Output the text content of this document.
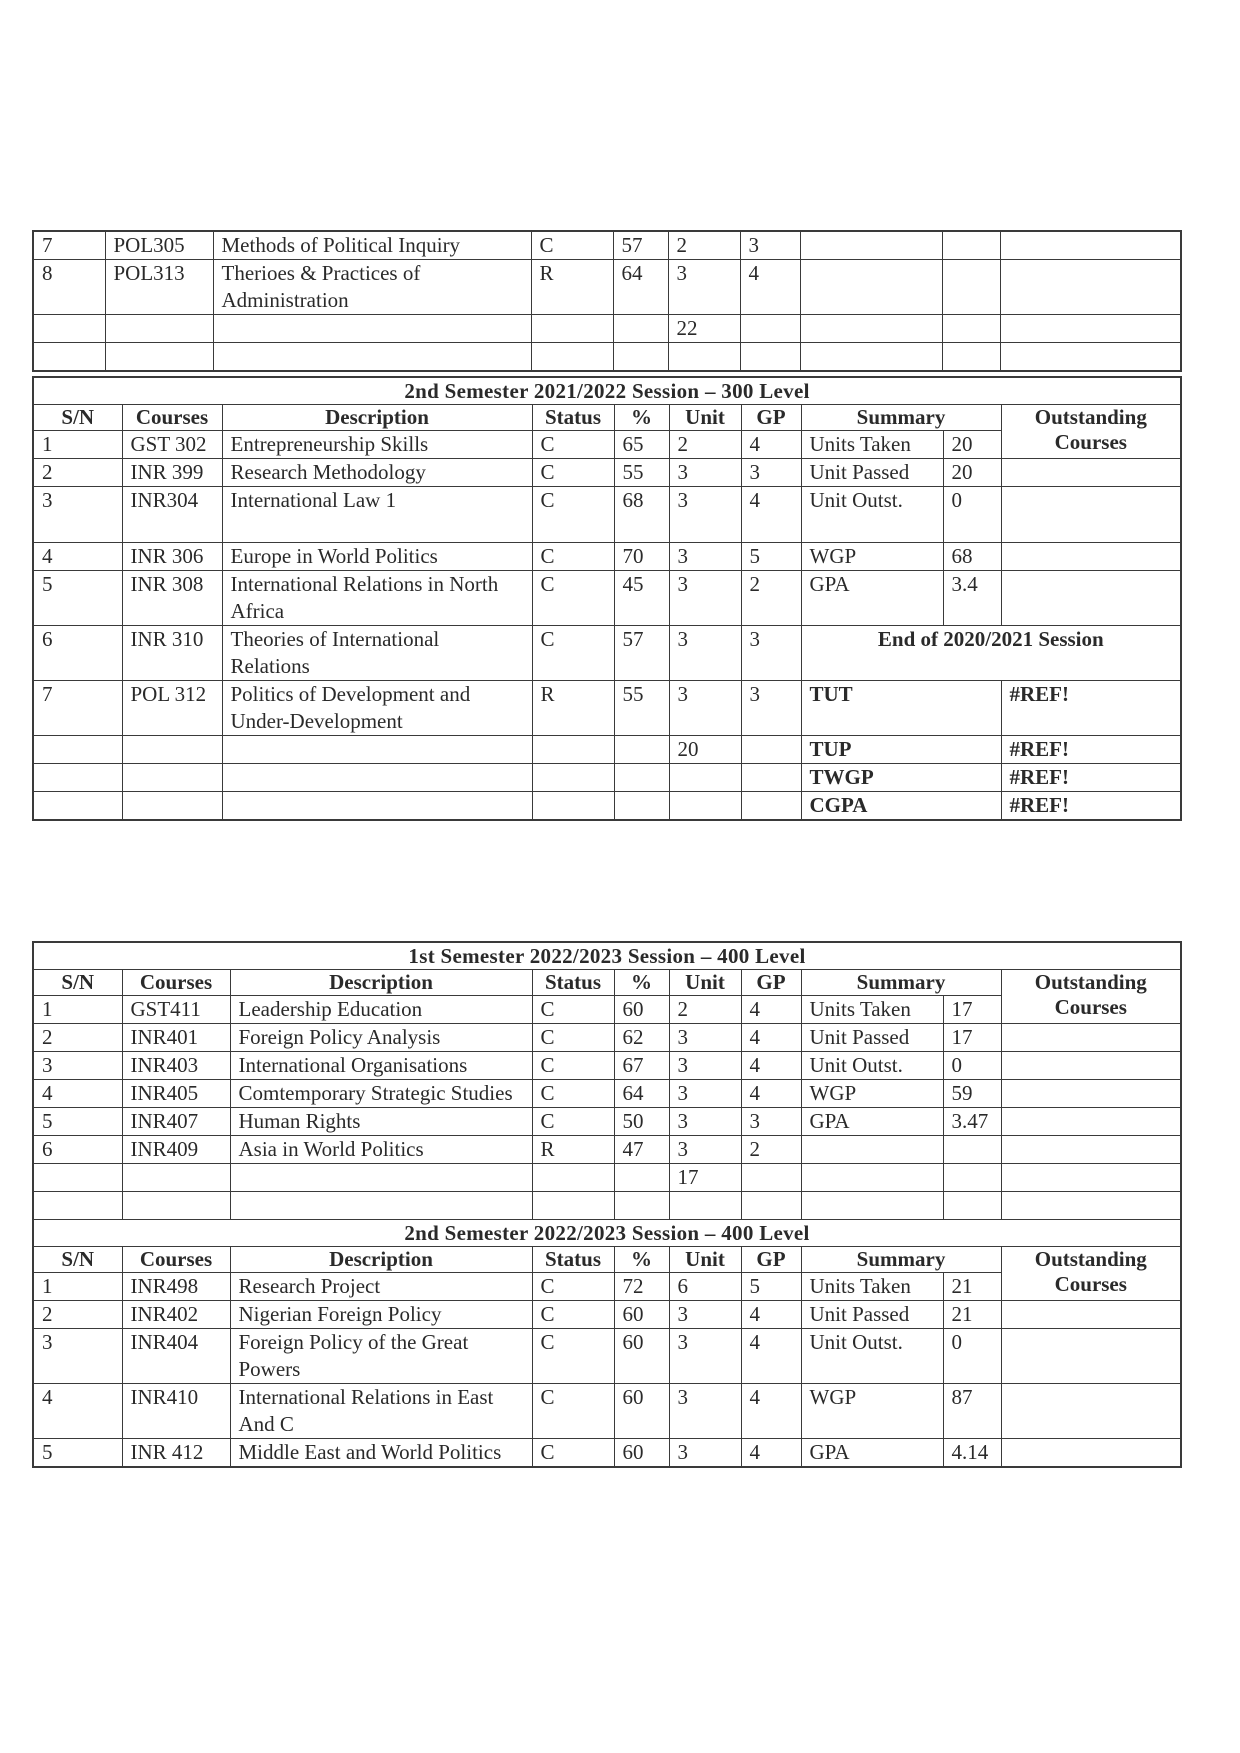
7	POL305	Methods of Political Inquiry	C	57	2	3			
8	POL313	Therioes & Practices of Administration	R	64	3	4			
					22				

2nd Semester 2021/2022 Session – 300 Level									
S/N	Courses	Description	Status	%	Unit	GP	Summary		Outstanding Courses
1	GST 302	Entrepreneurship Skills	C	65	2	4	Units Taken	20	
2	INR 399	Research Methodology	C	55	3	3	Unit Passed	20	
3	INR304	International Law 1	C	68	3	4	Unit Outst.	0	
4	INR 306	Europe in World Politics	C	70	3	5	WGP	68	
5	INR 308	International Relations in North Africa	C	45	3	2	GPA	3.4	
6	INR 310	Theories of International Relations	C	57	3	3	End of 2020/2021 Session		
7	POL 312	Politics of Development and Under-Development	R	55	3	3	TUT		#REF!
					20		TUP		#REF!
							TWGP		#REF!
							CGPA		#REF!
1st Semester 2022/2023 Session – 400 Level									
S/N	Courses	Description	Status	%	Unit	GP	Summary		Outstanding Courses
1	GST411	Leadership Education	C	60	2	4	Units Taken	17	
2	INR401	Foreign Policy Analysis	C	62	3	4	Unit Passed	17	
3	INR403	International Organisations	C	67	3	4	Unit Outst.	0	
4	INR405	Comtemporary Strategic Studies	C	64	3	4	WGP	59	
5	INR407	Human Rights	C	50	3	3	GPA	3.47	
6	INR409	Asia in World Politics	R	47	3	2			
					17				

2nd Semester 2022/2023 Session – 400 Level									
S/N	Courses	Description	Status	%	Unit	GP	Summary		Outstanding Courses
1	INR498	Research Project	C	72	6	5	Units Taken	21	
2	INR402	Nigerian Foreign Policy	C	60	3	4	Unit Passed	21	
3	INR404	Foreign Policy of the Great Powers	C	60	3	4	Unit Outst.	0	
4	INR410	International Relations in East And C	C	60	3	4	WGP	87	
5	INR 412	Middle East and World Politics	C	60	3	4	GPA	4.14	
